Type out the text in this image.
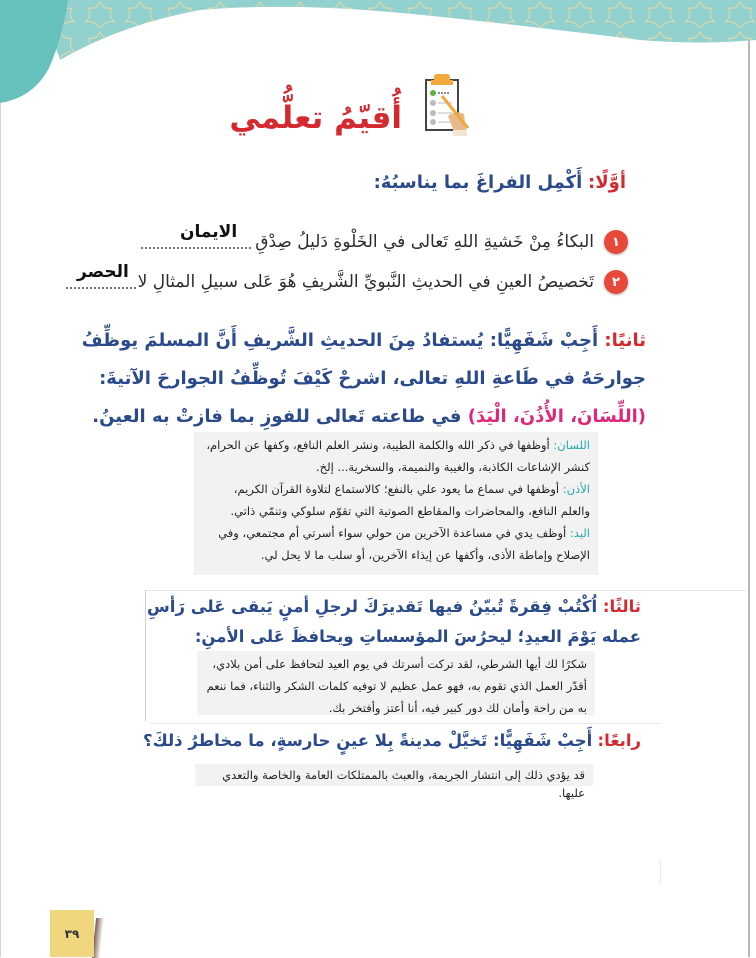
أُقيّمُ تعلُّمي
أوَّلًا: أَكْمِل الفراغَ بما يناسبُهُ:
١
البكاءُ مِنْ خَشيةِ اللهِ تَعالى في الخَلْوةِ دَليلُ صِدْقِ
الايمان
٢
تَخصيصُ العينِ في الحديثِ النَّبويِّ الشَّريفِ هُوَ عَلى سبيلِ المثالِ لا
الحصر
ثانيًا: أَجِبْ شَفَهِيًّا: يُستفادُ مِنَ الحديثِ الشَّريفِ أَنَّ المسلمَ يوظِّفُ جوارحَهُ في طَاعةِ اللهِ تعالى، اشرحْ كَيْفَ تُوظِّفُ الجوارحَ الآتيةَ: (اللِّسَانَ، الأُذُنَ، الْيَدَ) في طاعته تَعالى للفوزِ بما فازتْ به العينُ.
اللسان: أوظفها في ذكر الله والكلمة الطيبة، ونشر العلم النافع، وكفها عن الحرام، كنشر الإشاعات الكاذبة، والغيبة والنميمة، والسخرية... إلخ.
الأذن: أوظفها في سماع ما يعود علي بالنفع؛ كالاستماع لتلاوة القرآن الكريم، والعلم النافع، والمحاضرات والمقاطع الصوتية التي تقوّم سلوكي وتنمّي ذاتي.
اليد: أوظف يدي في مساعدة الآخرين من حولي سواء أسرتي أم مجتمعي، وفي الإصلاح وإماطة الأذى، وأكفها عن إيذاء الآخرين، أو سلب ما لا يحل لي.
ثالثًا: اُكْتُبْ فِقرةً تُبيّنُ فيها تَقديرَكَ لرجلِ أمنٍ يَبقى عَلى رَأسِ عمله يَوْمَ العيدِ؛ ليحرُسَ المؤسساتِ ويحافظَ عَلى الأمنِ:
شكرًا لك أيها الشرطي، لقد تركت أسرتك في يوم العيد لتحافظ على أمن بلادي، أقدّر العمل الذي تقوم به، فهو عمل عظيم لا توفيه كلمات الشكر والثناء، فما ننعم به من راحة وأمان لك دور كبير فيه، أنا أعتز وأفتخر بك.
رابعًا: أَجِبْ شَفَهِيًّا: تَخيَّلْ مدينةً بِلا عينٍ حارسةٍ، ما مخاطرُ ذلكَ؟
قد يؤدي ذلك إلى انتشار الجريمة، والعبث بالممتلكات العامة والخاصة والتعدي عليها.
٣٩
